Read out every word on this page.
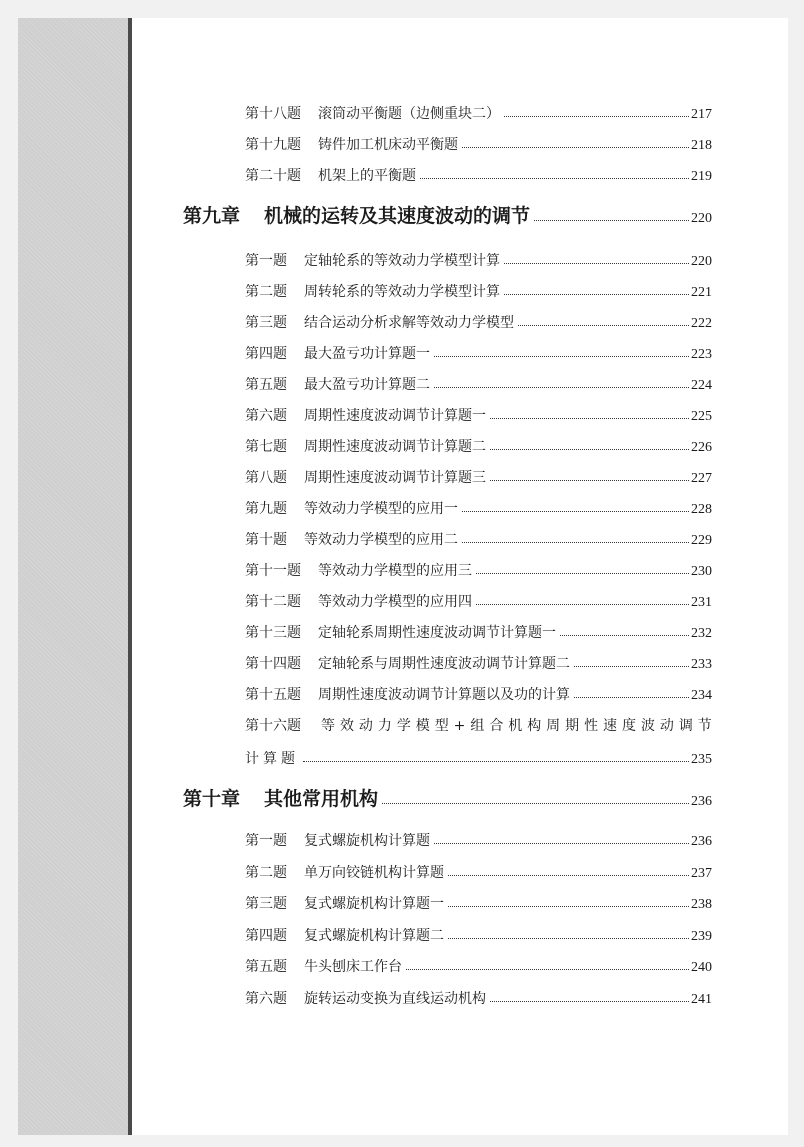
第十八题 滚筒动平衡题（边侧重块二）	217
第十九题 铸件加工机床动平衡题	218
第二十题 机架上的平衡题	219
第九章 机械的运转及其速度波动的调节	220
第一题 定轴轮系的等效动力学模型计算	220
第二题 周转轮系的等效动力学模型计算	221
第三题 结合运动分析求解等效动力学模型	222
第四题 最大盈亏功计算题一	223
第五题 最大盈亏功计算题二	224
第六题 周期性速度波动调节计算题一	225
第七题 周期性速度波动调节计算题二	226
第八题 周期性速度波动调节计算题三	227
第九题 等效动力学模型的应用一	228
第十题 等效动力学模型的应用二	229
第十一题 等效动力学模型的应用三	230
第十二题 等效动力学模型的应用四	231
第十三题 定轴轮系周期性速度波动调节计算题一	232
第十四题 定轴轮系与周期性速度波动调节计算题二	233
第十五题 周期性速度波动调节计算题以及功的计算	234
第十六题 等 效 动 力 学 模 型 + 组 合 机 构 周 期 性 速 度 波 动 调 节
计算题	235
第十章 其他常用机构	236
第一题 复式螺旋机构计算题	236
第二题 单万向铰链机构计算题	237
第三题 复式螺旋机构计算题一	238
第四题 复式螺旋机构计算题二	239
第五题 牛头刨床工作台	240
第六题 旋转运动变换为直线运动机构	241
